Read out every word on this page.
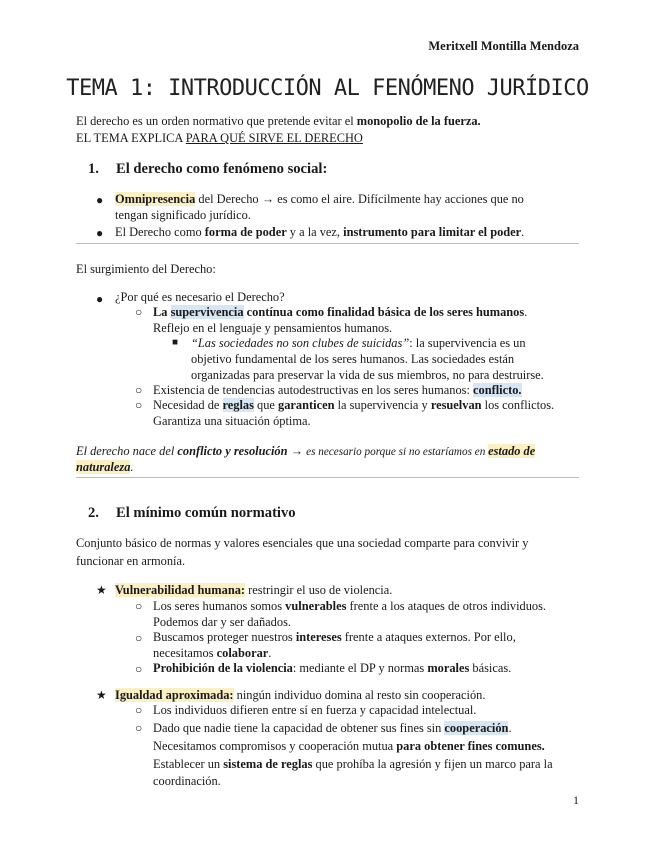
Meritxell Montilla Mendoza
TEMA 1: INTRODUCCIÓN AL FENÓMENO JURÍDICO
El derecho es un orden normativo que pretende evitar el monopolio de la fuerza.
EL TEMA EXPLICA PARA QUÉ SIRVE EL DERECHO
1. El derecho como fenómeno social:
● Omnipresencia del Derecho → es como el aire. Difícilmente hay acciones que no
tengan significado jurídico.
● El Derecho como forma de poder y a la vez, instrumento para limitar el poder.
El surgimiento del Derecho:
● ¿Por qué es necesario el Derecho?
○ La supervivencia contínua como finalidad básica de los seres humanos.
Reflejo en el lenguaje y pensamientos humanos.
■ “Las sociedades no son clubes de suicidas”: la supervivencia es un
objetivo fundamental de los seres humanos. Las sociedades están
organizadas para preservar la vida de sus miembros, no para destruirse.
○ Existencia de tendencias autodestructivas en los seres humanos: conflicto.
○ Necesidad de reglas que garanticen la supervivencia y resuelvan los conflictos.
Garantiza una situación óptima.
El derecho nace del conflicto y resolución → es necesario porque si no estaríamos en estado de
naturaleza.
2. El mínimo común normativo
Conjunto básico de normas y valores esenciales que una sociedad comparte para convivir y
funcionar en armonía.
★ Vulnerabilidad humana: restringir el uso de violencia.
○ Los seres humanos somos vulnerables frente a los ataques de otros individuos.
Podemos dar y ser dañados.
○ Buscamos proteger nuestros intereses frente a ataques externos. Por ello,
necesitamos colaborar.
○ Prohibición de la violencia: mediante el DP y normas morales básicas.
★ Igualdad aproximada: ningún individuo domina al resto sin cooperación.
○ Los individuos difieren entre sí en fuerza y capacidad intelectual.
○ Dado que nadie tiene la capacidad de obtener sus fines sin cooperación.
Necesitamos compromisos y cooperación mutua para obtener fines comunes.
Establecer un sistema de reglas que prohíba la agresión y fijen un marco para la
coordinación.
1
